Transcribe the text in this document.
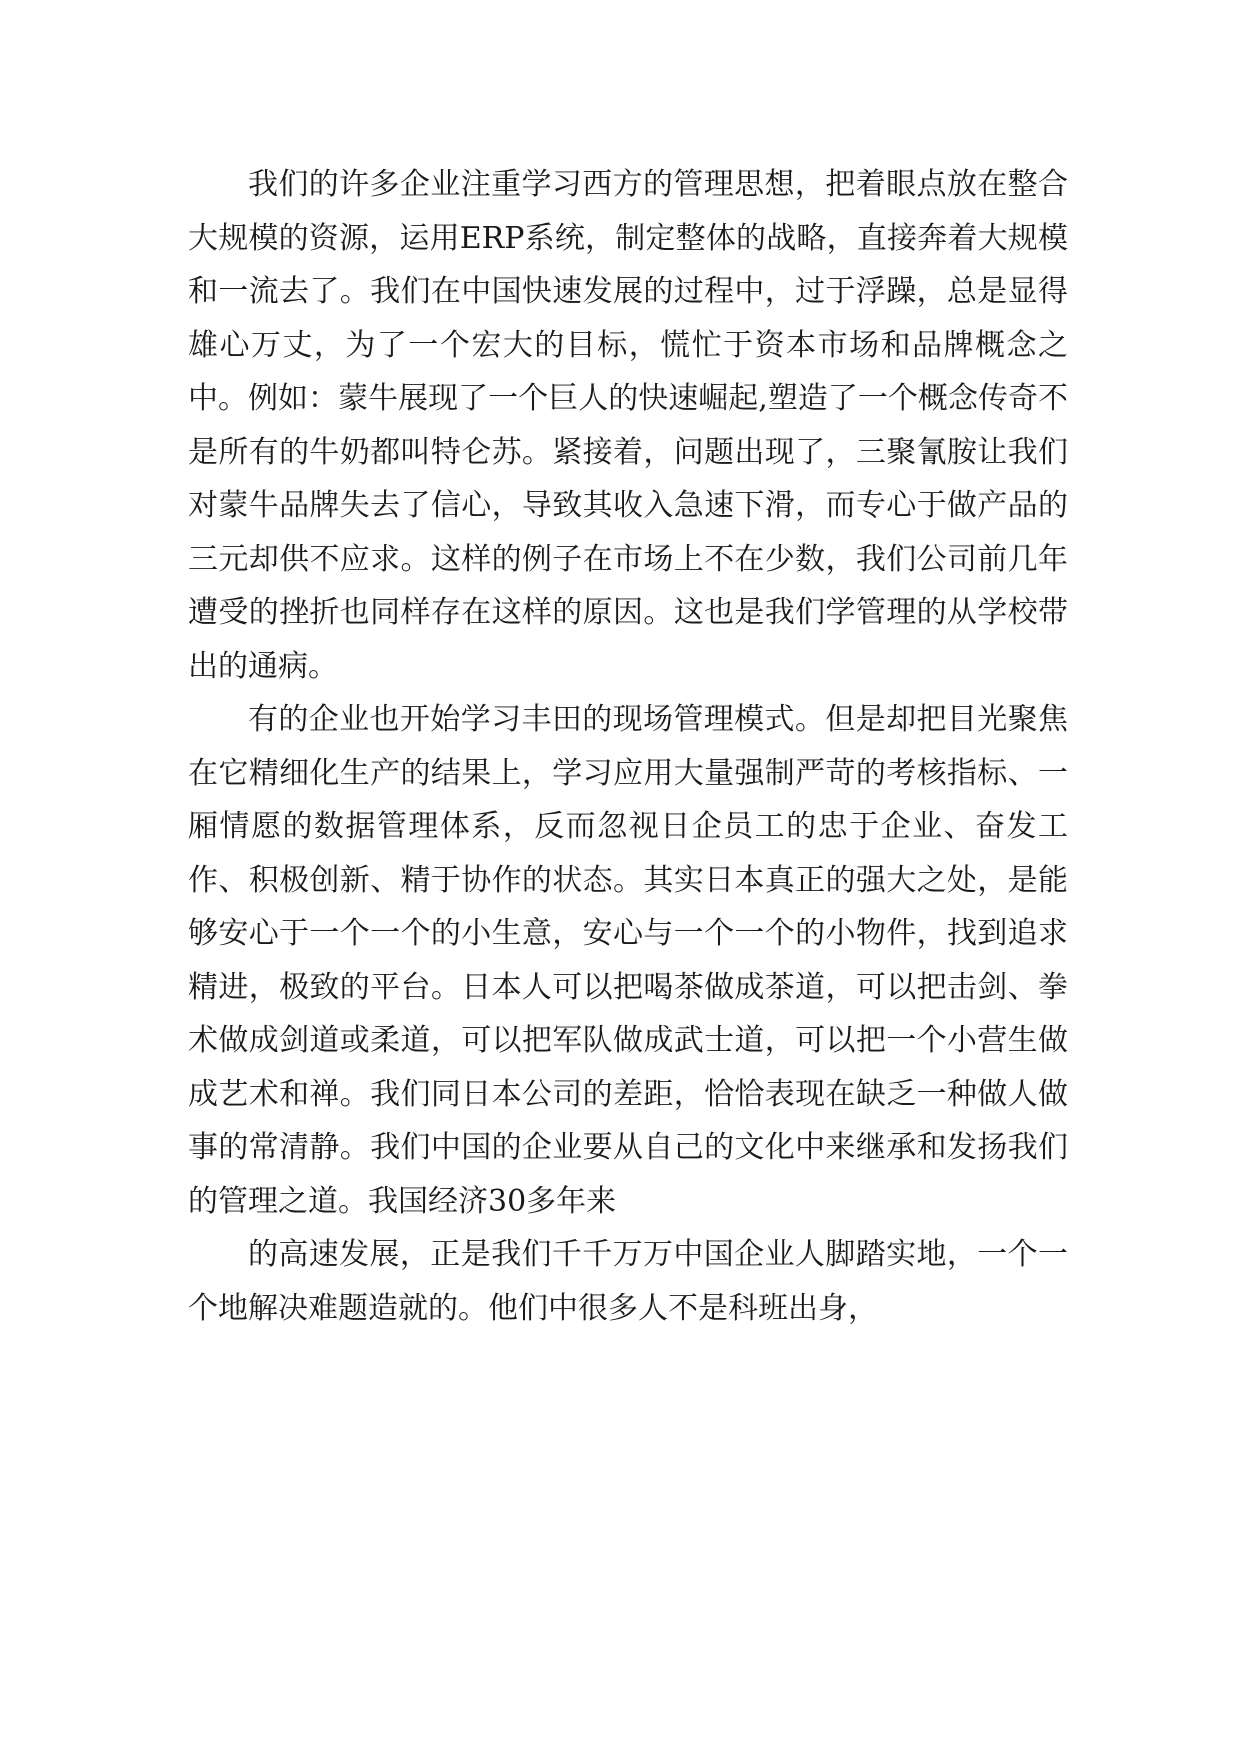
我们的许多企业注重学习西方的管理思想，把着眼点放在整合大规模的资源，运用ERP系统，制定整体的战略，直接奔着大规模和一流去了。我们在中国快速发展的过程中，过于浮躁，总是显得雄心万丈，为了一个宏大的目标，慌忙于资本市场和品牌概念之中。例如：蒙牛展现了一个巨人的快速崛起,塑造了一个概念传奇不是所有的牛奶都叫特仑苏。紧接着，问题出现了，三聚氰胺让我们对蒙牛品牌失去了信心，导致其收入急速下滑，而专心于做产品的三元却供不应求。这样的例子在市场上不在少数，我们公司前几年遭受的挫折也同样存在这样的原因。这也是我们学管理的从学校带出的通病。

有的企业也开始学习丰田的现场管理模式。但是却把目光聚焦在它精细化生产的结果上，学习应用大量强制严苛的考核指标、一厢情愿的数据管理体系，反而忽视日企员工的忠于企业、奋发工作、积极创新、精于协作的状态。其实日本真正的强大之处，是能够安心于一个一个的小生意，安心与一个一个的小物件，找到追求精进，极致的平台。日本人可以把喝茶做成茶道，可以把击剑、拳术做成剑道或柔道，可以把军队做成武士道，可以把一个小营生做成艺术和禅。我们同日本公司的差距，恰恰表现在缺乏一种做人做事的常清静。我们中国的企业要从自己的文化中来继承和发扬我们的管理之道。我国经济30多年来

的高速发展，正是我们千千万万中国企业人脚踏实地，一个一个地解决难题造就的。他们中很多人不是科班出身，
